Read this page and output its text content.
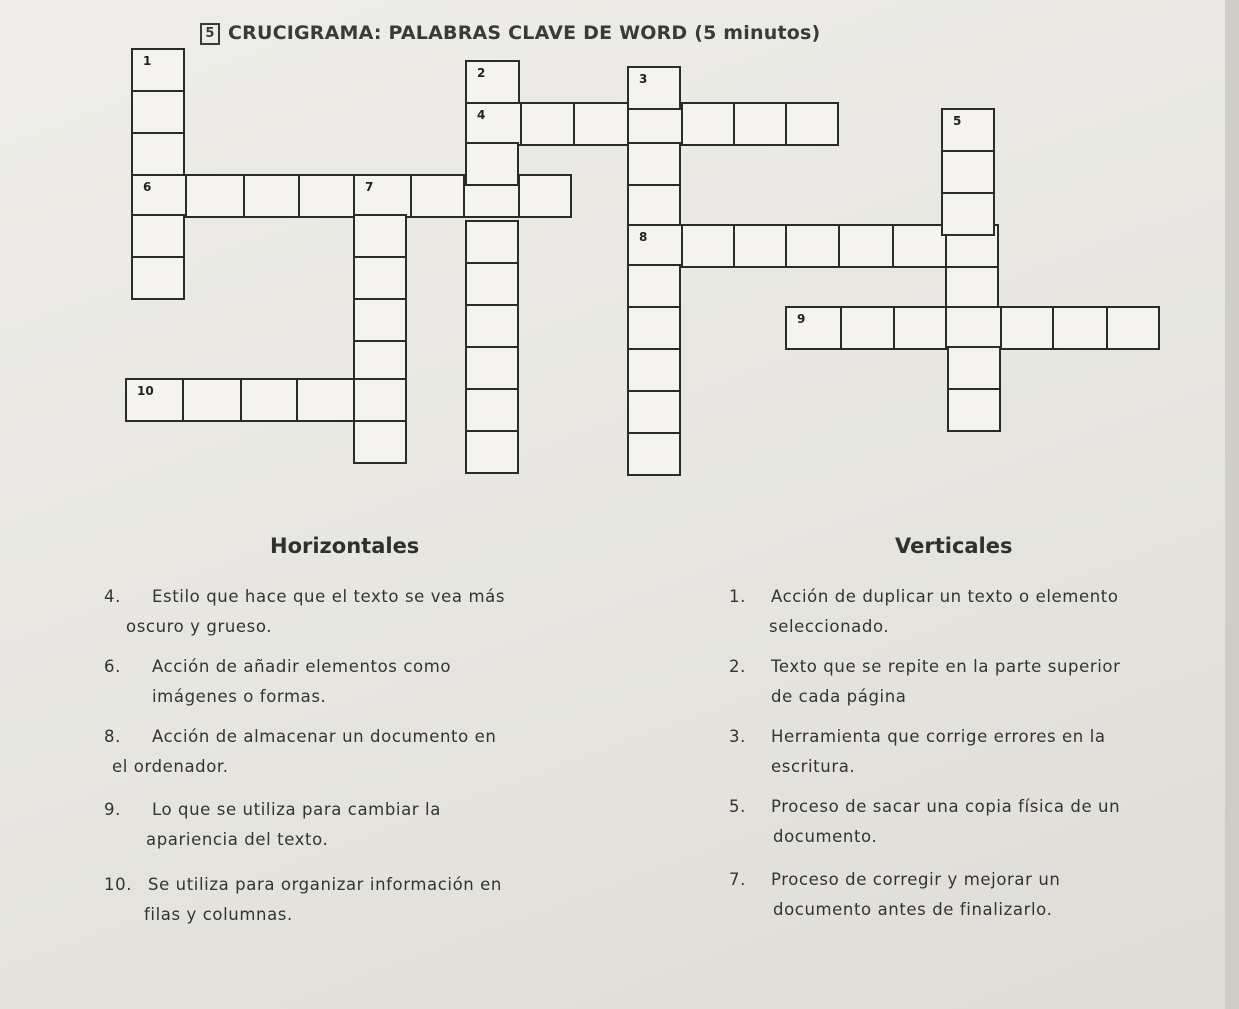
5 CRUCIGRAMA: PALABRAS CLAVE DE WORD (5 minutos)
1
6	7
2
4
3
8
5
9
10
Horizontales	Verticales
4. Estilo que hace que el texto se vea más
oscuro y grueso.
6. Acción de añadir elementos como
imágenes o formas.
8. Acción de almacenar un documento en
el ordenador.
9. Lo que se utiliza para cambiar la
apariencia del texto.
10. Se utiliza para organizar información en
filas y columnas.
1. Acción de duplicar un texto o elemento
seleccionado.
2. Texto que se repite en la parte superior
de cada página
3. Herramienta que corrige errores en la
escritura.
5. Proceso de sacar una copia física de un
documento.
7. Proceso de corregir y mejorar un
documento antes de finalizarlo.
